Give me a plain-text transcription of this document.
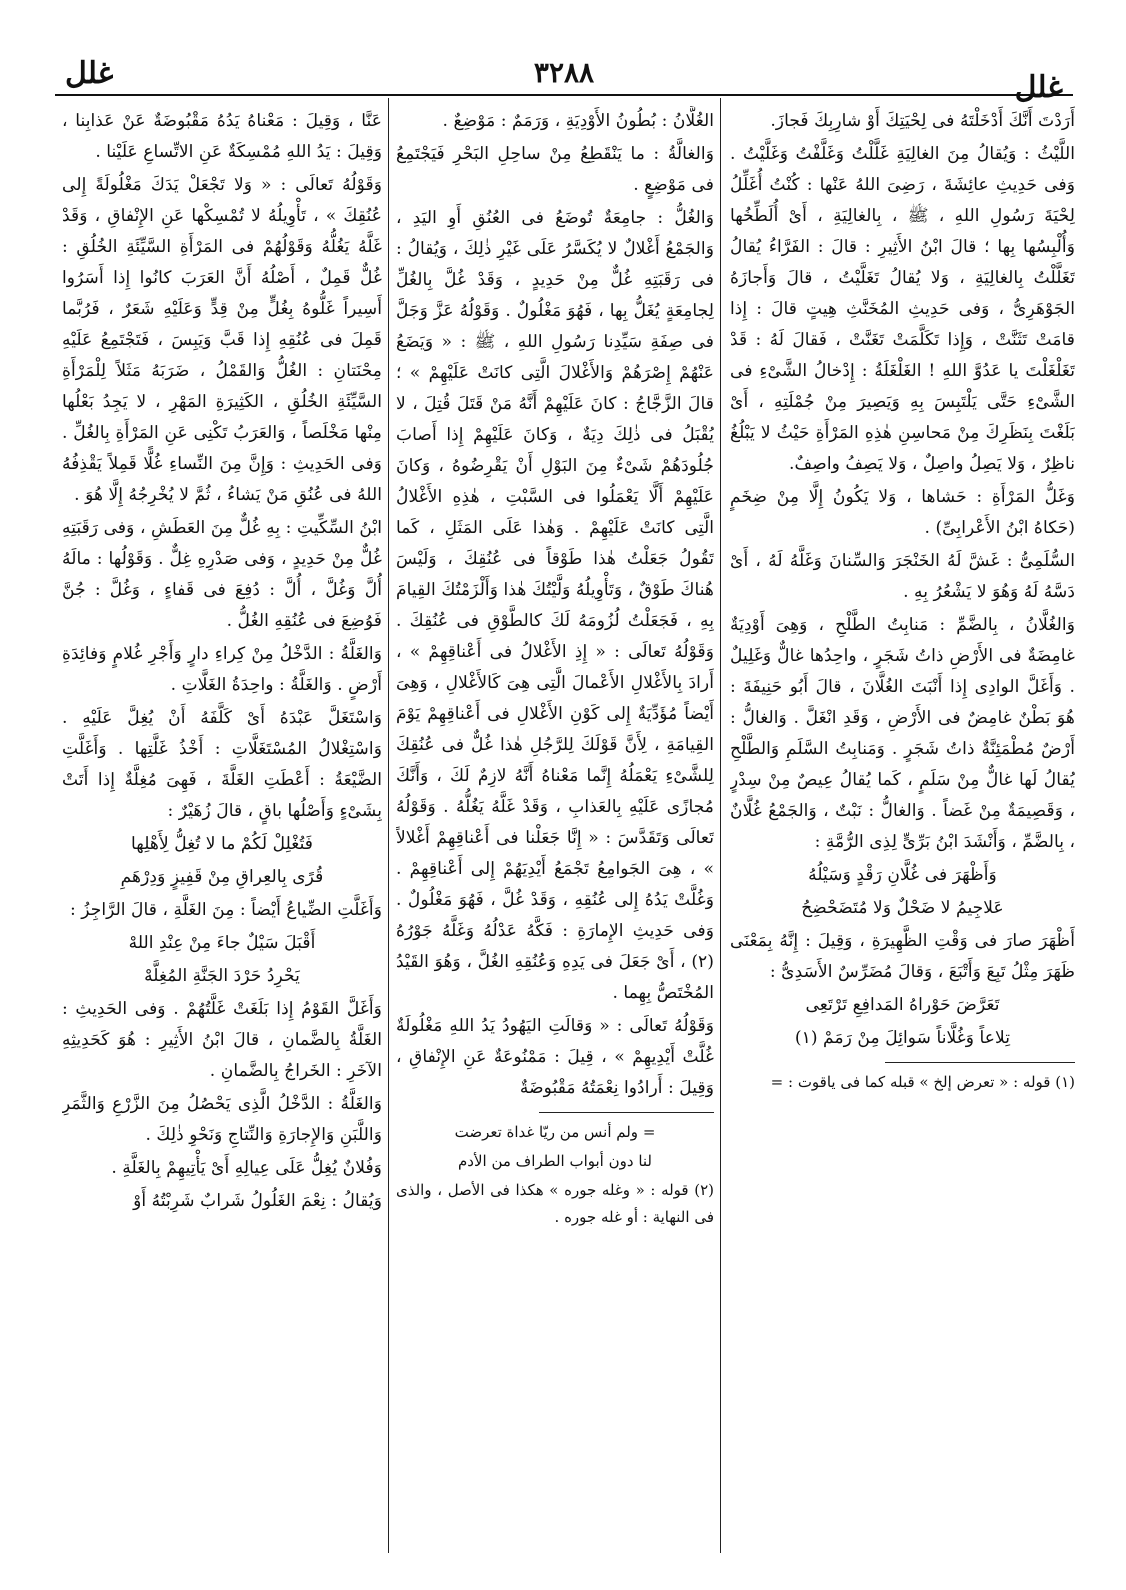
غلل	٣٢٨٨	غلل

أَرَدْتَ أَنَّكَ أَدْخَلْتَهُ فى لِحْيَتِكَ أَوْ شارِبِكَ فَجازَ.

اللَّيْثُ : وَيُقالُ مِنَ الغالِيَةِ غَلَّلْتُ وَغَلَّفْتُ وَغَلَّيْتُ . وَفى حَدِيثِ عائِشَةَ ، رَضِىَ اللهُ عَنْها : كُنْتُ أُغَلِّلُ لِحْيَةَ رَسُولِ اللهِ ، ﷺ ، بِالغالِيَةِ ، أَىْ أُلَطِّخُها وَأُلْبِسُها بِها ؛ قالَ ابْنُ الأَثِيرِ : قالَ : الفَرَّاءُ يُقالُ تَغَلَّلْتُ بِالغالِيَةِ ، وَلا يُقالُ تَغَلَّيْتُ ، قالَ وَأَجازَهُ الجَوْهَرِىُّ ، وَفى حَدِيثِ المُخَنَّثِ هِيتٍ قالَ : إِذا قامَتْ تَثَنَّتْ ، وَإِذا تَكَلَّمَتْ تَغَنَّتْ ، فَقالَ لَهُ : قَدْ تَغَلْغَلْتَ يا عَدُوَّ اللهِ ! الغَلْغَلَةُ : إِدْخالُ الشَّىْءِ فى الشَّىْءِ حَتَّى يَلْتَبِسَ بِهِ وَيَصِيرَ مِنْ جُمْلَتِهِ ، أَىْ بَلَغْتَ بِنَظَرِكَ مِنْ مَحاسِنِ هٰذِهِ المَرْأَةِ حَيْثُ لا يَبْلُغُ ناظِرٌ ، وَلا يَصِلُ واصِلٌ ، وَلا يَصِفُ واصِفٌ.

وَغَلُّ المَرْأَةِ : حَشاها ، وَلا يَكُونُ إِلَّا مِنْ ضِخَمٍ (حَكاهُ ابْنُ الأَعْرابِىِّ) .

السُّلَمِىُّ : غَشَّ لَهُ الخَنْجَرَ وَالسِّنانَ وَغَلَّهُ لَهُ ، أَىْ دَسَّهُ لَهُ وَهُوَ لا يَشْعُرُ بِهِ .

وَالغُلَّانُ ، بِالضَّمِّ : مَنابِتُ الطَّلْحِ ، وَهِىَ أَوْدِيَةٌ غامِضَةٌ فى الأَرْضِ ذاتُ شَجَرٍ ، واحِدُها غالٌّ وَغَلِيلٌ . وَأَغَلَّ الوادِى إِذا أَنْبَتَ الغُلَّانَ ، قالَ أَبُو حَنِيفَةَ : هُوَ بَطْنٌ غامِضٌ فى الأَرْضِ ، وَقَدِ انْغَلَّ . وَالغالُّ : أَرْضٌ مُطْمَئِنَّةٌ ذاتُ شَجَرٍ . وَمَنابِتُ السَّلَمِ وَالطَّلْحِ يُقالُ لَها غالٌّ مِنْ سَلَمٍ ، كَما يُقالُ عِيصٌ مِنْ سِدْرٍ ، وَقَصِيمَةٌ مِنْ غَضاً . وَالغالُّ : نَبْتٌ ، وَالجَمْعُ غُلَّانٌ ، بِالضَّمِّ ، وَأَنْشَدَ ابْنُ بَرِّىٍّ لِذِى الرُّمَّةِ :

وَأَظْهَرَ فى غُلَّانِ رَقْدٍ وَسَيْلُهُ

عَلاجِيمُ لا ضَحْلٌ وَلا مُتَضَحْضِحُ

أَظْهَرَ صارَ فى وَقْتِ الظَّهِيرَةِ ، وَقِيلَ : إِنَّهُ بِمَعْنَى ظَهَرَ مِثْلُ تَبِعَ وَأَتْبَعَ ، وَقالَ مُضَرِّسٌ الأَسَدِىُّ :

تَعَرَّضَ حَوْراهُ المَدافِعِ تَرْتَعِى

تِلاعاً وَغُلَّاناً سَوائِلَ مِنْ رَمَمْ (١)

(١) قوله : « تعرض إلخ » قبله كما فى ياقوت : =

الغُلَّانُ : بُطُونُ الأَوْدِيَةِ ، وَرَمَمٌ : مَوْضِعٌ .

وَالغالَّةُ : ما يَنْقَطِعُ مِنْ ساحِلِ البَحْرِ فَيَجْتَمِعُ فى مَوْضِعٍ .

وَالغُلُّ : جامِعَةٌ تُوضَعُ فى العُنُقِ أَوِ اليَدِ ، وَالجَمْعُ أَغْلالٌ لا يُكَسَّرُ عَلَى غَيْرِ ذٰلِكَ ، وَيُقالُ : فى رَقَبَتِهِ غُلٌّ مِنْ حَدِيدٍ ، وَقَدْ غُلَّ بِالغُلِّ لِجامِعَةٍ يُغَلُّ بِها ، فَهُوَ مَغْلُولٌ . وَقَوْلُهُ عَزَّ وَجَلَّ فى صِفَةِ سَيِّدِنا رَسُولِ اللهِ ، ﷺ : « وَيَضَعُ عَنْهُمْ إِصْرَهُمْ وَالأَغْلالَ الَّتِى كانَتْ عَلَيْهِمْ » ؛ قالَ الزَّجَّاجُ : كانَ عَلَيْهِمْ أَنَّهُ مَنْ قَتَلَ قُتِلَ ، لا يُقْبَلُ فى ذٰلِكَ دِيَةٌ ، وَكانَ عَلَيْهِمْ إِذا أَصابَ جُلُودَهُمْ شَىْءٌ مِنَ البَوْلِ أَنْ يَقْرِضُوهُ ، وَكانَ عَلَيْهِمْ أَلَّا يَعْمَلُوا فى السَّبْتِ ، هٰذِهِ الأَغْلالُ الَّتِى كانَتْ عَلَيْهِمْ . وَهٰذا عَلَى المَثَلِ ، كَما تَقُولُ جَعَلْتُ هٰذا طَوْقاً فى عُنُقِكَ ، وَلَيْسَ هُناكَ طَوْقٌ ، وَتَأْوِيلُهُ وَلَّيْتُكَ هٰذا وَأَلْزَمْتُكَ القِيامَ بِهِ ، فَجَعَلْتُ لُزُومَهُ لَكَ كالطَّوْقِ فى عُنُقِكَ . وَقَوْلُهُ تَعالَى : « إِذِ الأَغْلالُ فى أَعْناقِهِمْ » ، أَرادَ بِالأَغْلالِ الأَعْمالَ الَّتِى هِىَ كَالأَغْلالِ ، وَهِىَ أَيْضاً مُؤَدِّيَةٌ إِلى كَوْنِ الأَغْلالِ فى أَعْناقِهِمْ يَوْمَ القِيامَةِ ، لِأَنَّ قَوْلَكَ لِلرَّجُلِ هٰذا غُلٌّ فى عُنُقِكَ لِلشَّىْءِ يَعْمَلُهُ إِنَّما مَعْناهُ أَنَّهُ لازِمٌ لَكَ ، وَأَنَّكَ مُجازًى عَلَيْهِ بِالعَذابِ ، وَقَدْ غَلَّهُ يَغُلُّهُ . وَقَوْلُهُ تَعالَى وَتَقَدَّسَ : « إِنَّا جَعَلْنا فى أَعْناقِهِمْ أَغْلالاً » ، هِىَ الجَوامِعُ تَجْمَعُ أَيْدِيَهُمْ إِلى أَعْناقِهِمْ . وَغُلَّتْ يَدُهُ إِلى عُنُقِهِ ، وَقَدْ غُلَّ ، فَهُوَ مَغْلُولٌ . وَفى حَدِيثِ الإِمارَةِ : فَكَّهُ عَدْلُهُ وَغَلَّهُ جَوْرُهُ (٢) ، أَىْ جَعَلَ فى يَدِهِ وَعُنُقِهِ الغُلَّ ، وَهُوَ القَيْدُ المُخْتَصُّ بِهِما .

وَقَوْلُهُ تَعالَى : « وَقالَتِ اليَهُودُ يَدُ اللهِ مَغْلُولَةٌ غُلَّتْ أَيْدِيهِمْ » ، قِيلَ : مَمْنُوعَةٌ عَنِ الإِنْفاقِ ، وَقِيلَ : أَرادُوا نِعْمَتُهُ مَقْبُوضَةٌ

= ولم أنس من ريّا غداة تعرضت

لنا دون أبواب الطراف من الأدم

(٢) قوله : « وغله جوره » هكذا فى الأصل ، والذى فى النهاية : أو غله جوره .

عَنَّا ، وَقِيلَ : مَعْناهُ يَدُهُ مَقْبُوضَةٌ عَنْ عَذابِنا ، وَقِيلَ : يَدُ اللهِ مُمْسِكَةٌ عَنِ الاتِّساعِ عَلَيْنا .

وَقَوْلُهُ تَعالَى : « وَلا تَجْعَلْ يَدَكَ مَغْلُولَةً إِلى عُنُقِكَ » ، تَأْوِيلُهُ لا تُمْسِكْها عَنِ الإِنْفاقِ ، وَقَدْ غَلَّهُ يَغُلُّهُ وَقَوْلُهُمْ فى المَرْأَةِ السَّيِّئَةِ الخُلُقِ : غُلٌّ قَمِلٌ ، أَصْلُهُ أَنَّ العَرَبَ كانُوا إِذا أَسَرُوا أَسِيراً غَلُّوهُ بِغُلٍّ مِنْ قِدٍّ وَعَلَيْهِ شَعَرٌ ، فَرُبَّما قَمِلَ فى عُنُقِهِ إِذا قَبَّ وَيَبِسَ ، فَتَجْتَمِعُ عَلَيْهِ مِحْنَتانِ : الغُلُّ وَالقَمْلُ ، ضَرَبَهُ مَثَلاً لِلْمَرْأَةِ السَّيِّئَةِ الخُلُقِ ، الكَثِيرَةِ المَهْرِ ، لا يَجِدُ بَعْلُها مِنْها مَخْلَصاً ، وَالعَرَبُ تَكْنِى عَنِ المَرْأَةِ بِالغُلِّ . وَفى الحَدِيثِ : وَإِنَّ مِنَ النِّساءِ غُلًّا قَمِلاً يَقْذِفُهُ اللهُ فى عُنُقِ مَنْ يَشاءُ ، ثُمَّ لا يُخْرِجُهُ إِلَّا هُوَ .

ابْنُ السِّكِّيتِ : بِهِ غُلٌّ مِنَ العَطَشِ ، وَفى رَقَبَتِهِ غُلٌّ مِنْ حَدِيدٍ ، وَفى صَدْرِهِ غِلٌّ . وَقَوْلُها : مالَهُ أُلَّ وَغُلَّ ، أُلَّ : دُفِعَ فى قَفاءٍ ، وَغُلَّ : جُنَّ فَوُضِعَ فى عُنُقِهِ الغُلُّ .

وَالغَلَّةُ : الدَّخْلُ مِنْ كِراءِ دارٍ وَأَجْرِ غُلامٍ وَفائِدَةِ أَرْضٍ . وَالغَلَّةُ : واحِدَةُ الغَلَّاتِ .

وَاسْتَغَلَّ عَبْدَهُ أَىْ كَلَّفَهُ أَنْ يُغِلَّ عَلَيْهِ . وَاسْتِغْلالُ المُسْتَغَلَّاتِ : أَخْذُ غَلَّتِها . وَأَغَلَّتِ الضَّيْعَةُ : أَعْطَتِ الغَلَّةَ ، فَهِىَ مُغِلَّةٌ إِذا أَتَتْ بِشَىْءٍ وَأَصْلُها باقٍ ، قالَ زُهَيْرٌ :

فَتُغْلِلْ لَكُمْ ما لا تُغِلُّ لِأَهْلِها

قُرًى بِالعِراقِ مِنْ قَفِيزٍ وَدِرْهَمِ

وَأَغَلَّتِ الضِّياعُ أَيْضاً : مِنَ الغَلَّةِ ، قالَ الرَّاجِزُ :

أَقْبَلَ سَيْلٌ جاءَ مِنْ عِنْدِ اللهْ

يَحْرِدُ حَرْدَ الجَنَّةِ المُغِلَّهْ

وَأَغَلَّ القَوْمُ إِذا بَلَغَتْ غَلَّتُهُمْ . وَفى الحَدِيثِ : الغَلَّةُ بِالضَّمانِ ، قالَ ابْنُ الأَثِيرِ : هُوَ كَحَدِيثِهِ الآخَرِ : الخَراجُ بِالضَّمانِ .

وَالغَلَّةُ : الدَّخْلُ الَّذِى يَحْصُلُ مِنَ الزَّرْعِ وَالثَّمَرِ وَاللَّبَنِ وَالإِجارَةِ وَالنِّتاجِ وَنَحْوِ ذٰلِكَ .

وَفُلانٌ يُغِلُّ عَلَى عِيالِهِ أَىْ يَأْتِيهِمْ بِالغَلَّةِ .

وَيُقالُ : نِعْمَ الغَلُولُ شَرابٌ شَرِبْتُهُ أَوْ
